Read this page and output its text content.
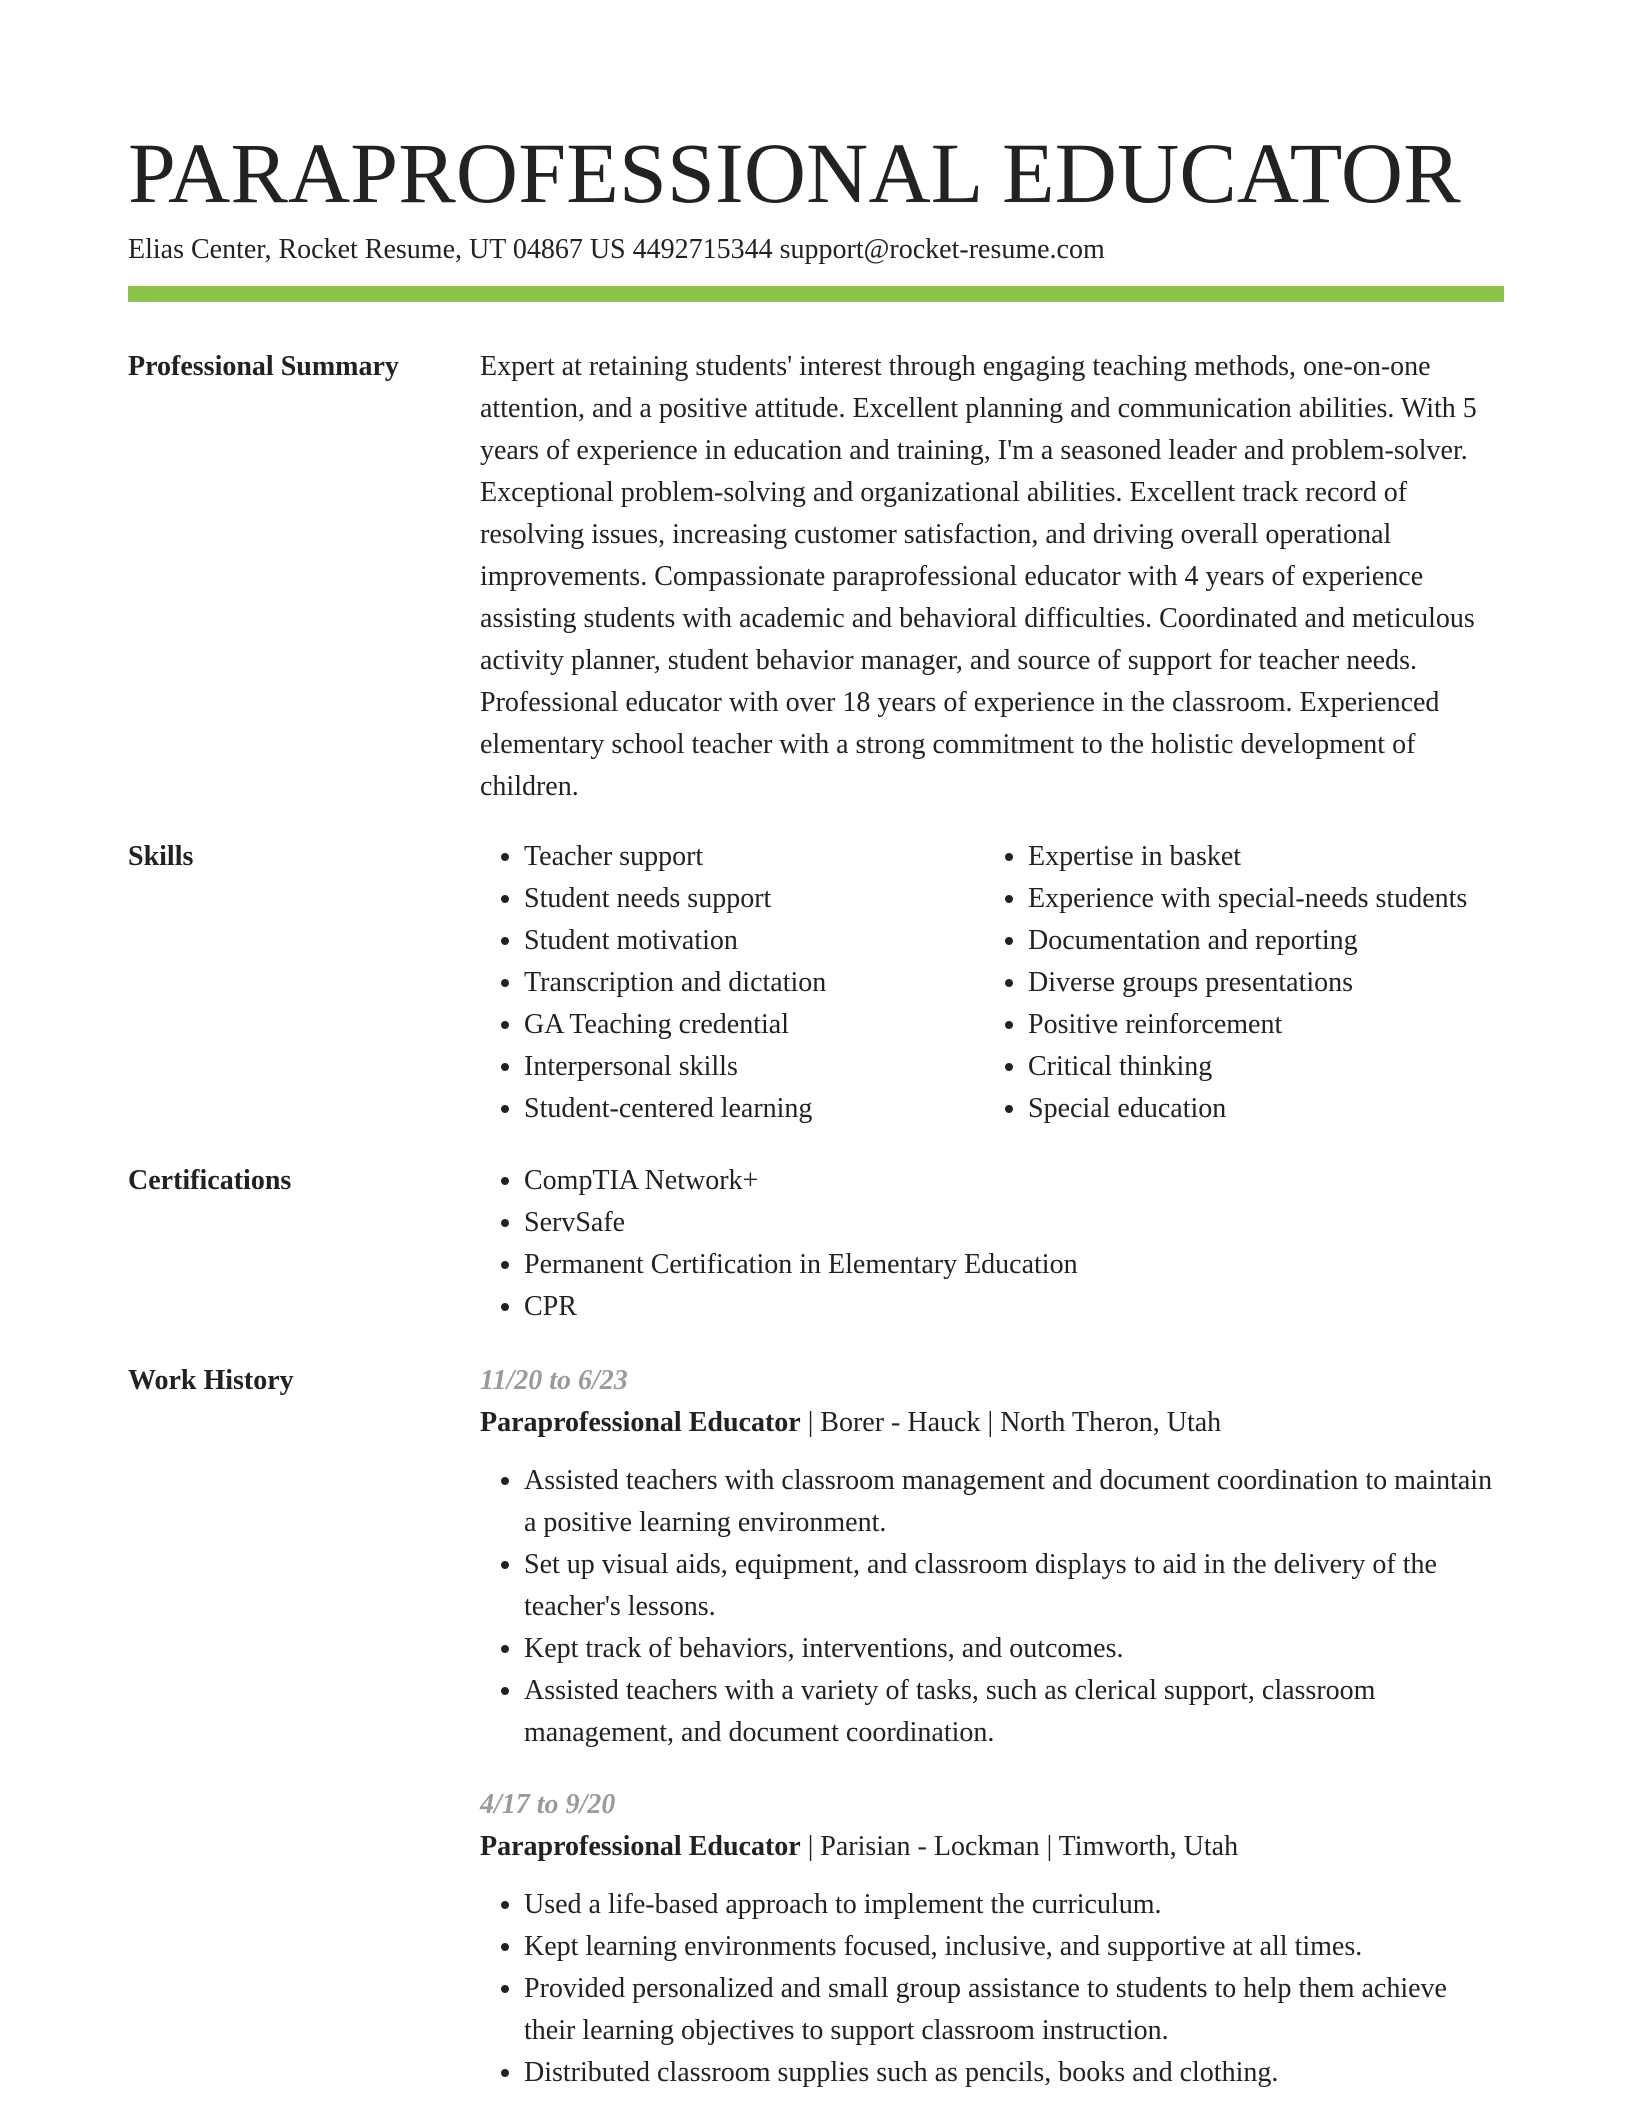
PARAPROFESSIONAL EDUCATOR
Elias Center, Rocket Resume, UT 04867 US 4492715344 support@rocket-resume.com
Professional Summary	Expert at retaining students' interest through engaging teaching methods, one-on-one attention, and a positive attitude. Excellent planning and communication abilities. With 5 years of experience in education and training, I'm a seasoned leader and problem-solver. Exceptional problem-solving and organizational abilities. Excellent track record of resolving issues, increasing customer satisfaction, and driving overall operational improvements. Compassionate paraprofessional educator with 4 years of experience assisting students with academic and behavioral difficulties. Coordinated and meticulous activity planner, student behavior manager, and source of support for teacher needs. Professional educator with over 18 years of experience in the classroom. Experienced elementary school teacher with a strong commitment to the holistic development of children.

Skills	• Teacher support
• Student needs support
• Student motivation
• Transcription and dictation
• GA Teaching credential
• Interpersonal skills
• Student-centered learning
• Expertise in basket
• Experience with special-needs students
• Documentation and reporting
• Diverse groups presentations
• Positive reinforcement
• Critical thinking
• Special education
Certifications	• CompTIA Network+
• ServSafe
• Permanent Certification in Elementary Education
• CPR
Work History	11/20 to 6/23
Paraprofessional Educator | Borer - Hauck | North Theron, Utah
• Assisted teachers with classroom management and document coordination to maintain a positive learning environment.
• Set up visual aids, equipment, and classroom displays to aid in the delivery of the teacher's lessons.
• Kept track of behaviors, interventions, and outcomes.
• Assisted teachers with a variety of tasks, such as clerical support, classroom management, and document coordination.
4/17 to 9/20
Paraprofessional Educator | Parisian - Lockman | Timworth, Utah
• Used a life-based approach to implement the curriculum.
• Kept learning environments focused, inclusive, and supportive at all times.
• Provided personalized and small group assistance to students to help them achieve their learning objectives to support classroom instruction.
• Distributed classroom supplies such as pencils, books and clothing.
